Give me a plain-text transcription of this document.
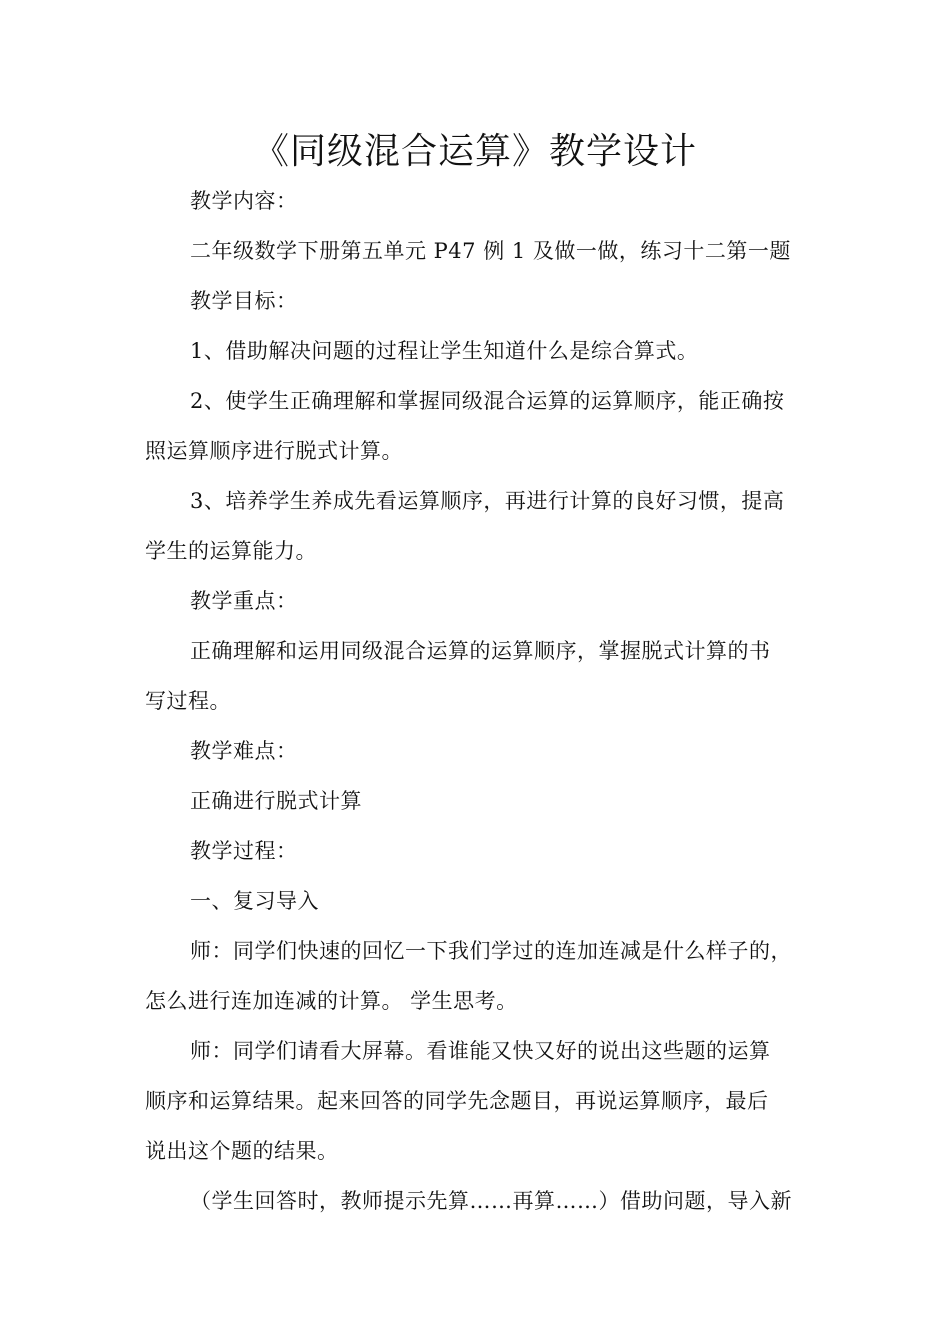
《同级混合运算》教学设计
教学内容：
二年级数学下册第五单元 P47 例 1 及做一做，练习十二第一题
教学目标：
1、借助解决问题的过程让学生知道什么是综合算式。
2、使学生正确理解和掌握同级混合运算的运算顺序，能正确按
照运算顺序进行脱式计算。
3、培养学生养成先看运算顺序，再进行计算的良好习惯，提高
学生的运算能力。
教学重点：
正确理解和运用同级混合运算的运算顺序，掌握脱式计算的书
写过程。
教学难点：
正确进行脱式计算
教学过程：
一、复习导入
师：同学们快速的回忆一下我们学过的连加连减是什么样子的，
怎么进行连加连减的计算。 学生思考。
师：同学们请看大屏幕。看谁能又快又好的说出这些题的运算
顺序和运算结果。起来回答的同学先念题目，再说运算顺序，最后
说出这个题的结果。
（学生回答时，教师提示先算……再算……）借助问题，导入新
